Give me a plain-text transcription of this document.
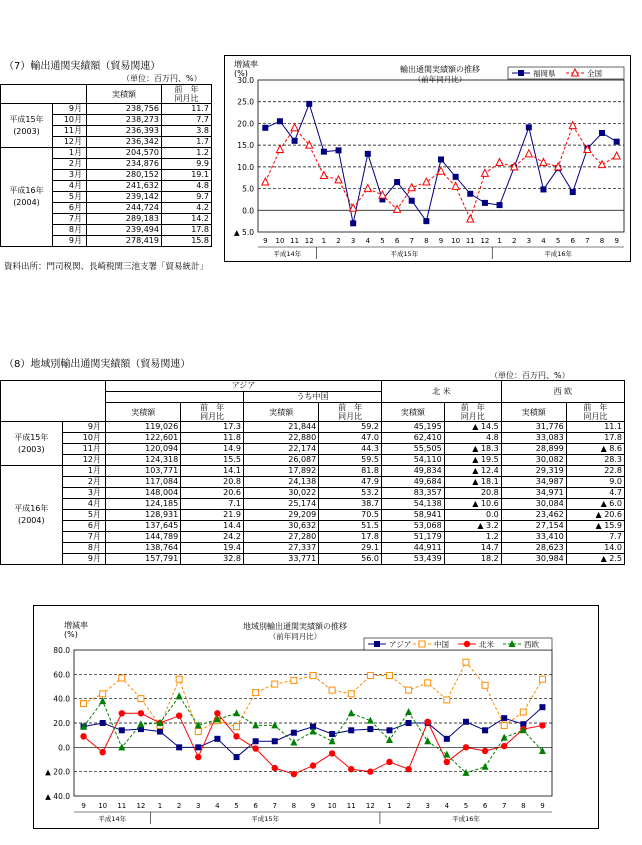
（7）輸出通関実績額（貿易関連）
（単位：百万円、%）
		実積額	前　年
同月比
平成15年
(2003)	9月	238,756	11.7
	10月	238,273	7.7
	11月	236,393	3.8
	12月	236,342	1.7
平成16年
(2004)	1月	204,570	1.2
	2月	234,876	9.9
	3月	280,152	19.1
	4月	241,632	4.8
	5月	239,142	9.7
	6月	244,724	4.2
	7月	289,183	14.2
	8月	239,494	17.8
	9月	278,419	15.8
資料出所：門司税関、長崎税関三池支署「貿易統計」
増減率
(%)	輸出通関実績額の推移
（前年同月比）
30.0
25.0
20.0
15.0
10.0
5.0
0.0
▲ 5.0
9 10 11 12 1 2 3 4 5 6 7 8 9 10 11 12 1 2 3 4 5 6 7 8 9
平成14年	平成15年	平成16年
福岡県	全国
（8）地域別輸出通関実績額（貿易関連）
（単位：百万円、%）
		アジア				北 米		西 欧	
				うち中国					
		実積額	前　年
同月比	実積額	前　年
同月比	実積額	前　年
同月比	実積額	前　年
同月比
平成15年
(2003)	9月	119,026	17.3	21,844	59.2	45,195	▲ 14.5	31,776	11.1
	10月	122,601	11.8	22,880	47.0	62,410	4.8	33,083	17.8
	11月	120,094	14.9	22,174	44.3	55,505	▲ 18.3	28,899	▲ 8.6
	12月	124,318	15.5	26,087	59.5	54,110	▲ 19.5	30,082	28.3
平成16年
(2004)	1月	103,771	14.1	17,892	81.8	49,834	▲ 12.4	29,319	22.8
	2月	117,084	20.8	24,138	47.9	49,684	▲ 18.1	34,987	9.0
	3月	148,004	20.6	30,022	53.2	83,357	20.8	34,971	4.7
	4月	124,185	7.1	25,174	38.7	54,138	▲ 10.6	30,084	▲ 6.0
	5月	128,931	21.9	29,209	70.5	58,941	0.0	23,462	▲ 20.6
	6月	137,645	14.4	30,632	51.5	53,068	▲ 3.2	27,154	▲ 15.9
	7月	144,789	24.2	27,280	17.8	51,179	1.2	33,410	7.7
	8月	138,764	19.4	27,337	29.1	44,911	14.7	28,623	14.0
	9月	157,791	32.8	33,771	56.0	53,439	18.2	30,984	▲ 2.5
増減率
(%)
地域別輸出通関実績額の推移
（前年同月比）
80.0
60.0
40.0
20.0
0.0
▲ 20.0
▲ 40.0
9 10 11 12 1 2 3 4 5 6 7 8 9 10 11 12 1 2 3 4 5 6 7 8 9
平成14年	平成15年	平成16年
アジア	中国	北米	西欧
